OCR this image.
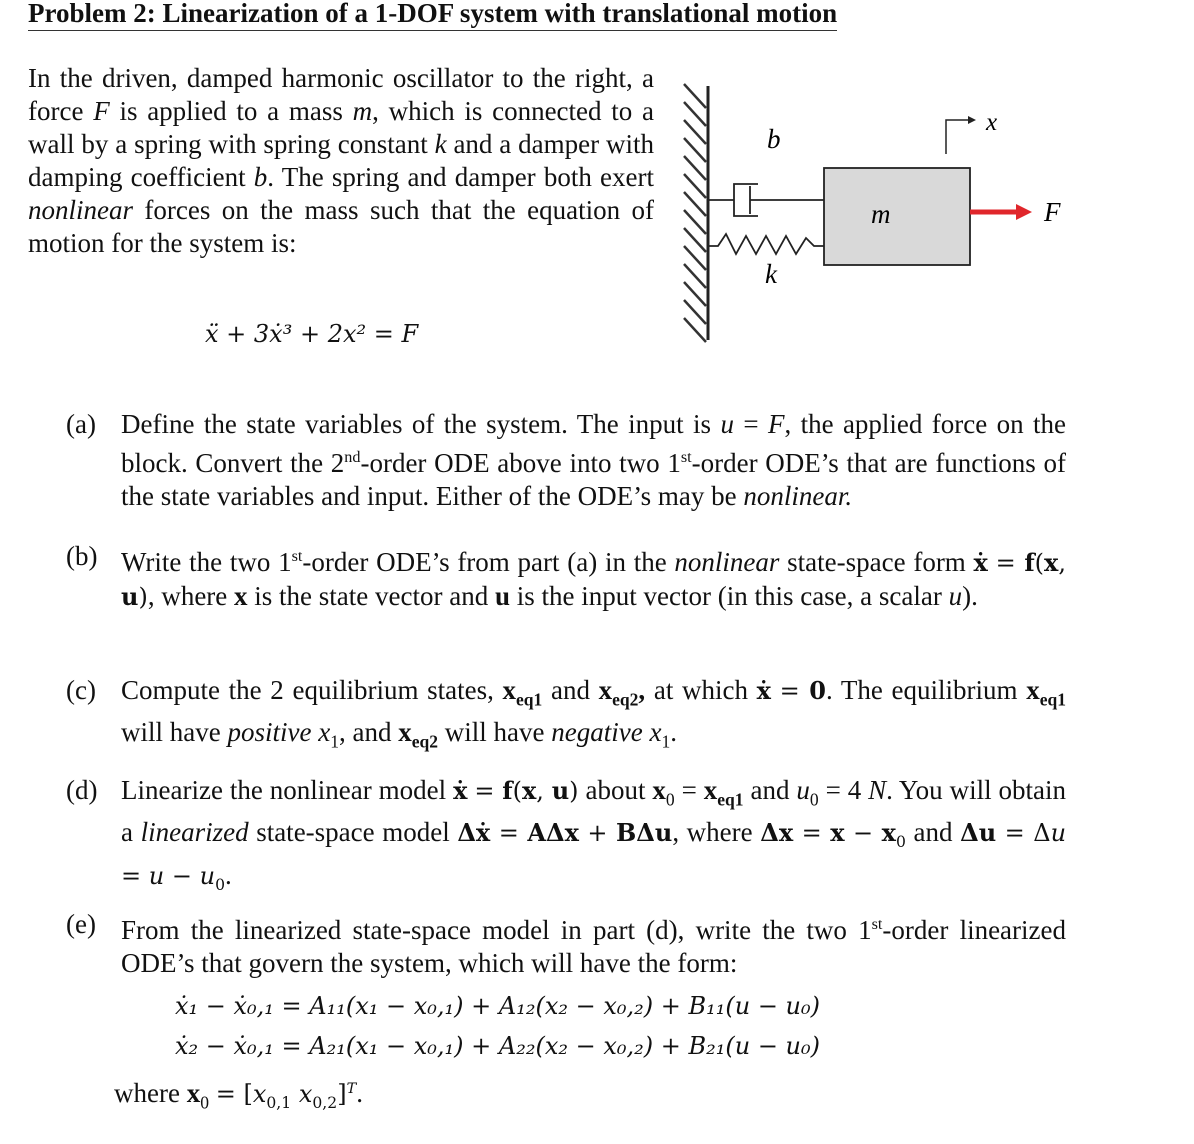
Problem 2: Linearization of a 1-DOF system with translational motion
In the driven, damped harmonic oscillator to the right, a force F is applied to a mass m, which is connected to a wall by a spring with spring constant k and a damper with damping coefficient b. The spring and damper both exert nonlinear forces on the mass such that the equation of motion for the system is:
ẍ + 3ẋ³ + 2x² = F
b
k
m	F
x
(a) Define the state variables of the system. The input is u = F, the applied force on the block. Convert the 2nd-order ODE above into two 1st-order ODE’s that are functions of the state variables and input. Either of the ODE’s may be nonlinear.
(b) Write the two 1st-order ODE’s from part (a) in the nonlinear state-space form ẋ = f(x, u), where x is the state vector and u is the input vector (in this case, a scalar u).
(c) Compute the 2 equilibrium states, $x_{eq1}$ and $x_{eq2}$, at which ẋ = 0. The equilibrium $x_{eq1}$ will have positive $x_1$, and $x_{eq2}$ will have negative $x_1$.
(d) Linearize the nonlinear model ẋ = f(x, u) about $x_0 = x_{eq1}$ and $u_0 = 4$ N. You will obtain a linearized state-space model Δẋ = AΔx + BΔu, where $\Delta x = x - x_0$ and $\Delta u = \Delta u = u - u_0$.
(e) From the linearized state-space model in part (d), write the two 1st-order linearized ODE’s that govern the system, which will have the form:
ẋ₁ − ẋ₀,₁ = A₁₁(x₁ − x₀,₁) + A₁₂(x₂ − x₀,₂) + B₁₁(u − u₀)
ẋ₂ − ẋ₀,₁ = A₂₁(x₁ − x₀,₁) + A₂₂(x₂ − x₀,₂) + B₂₁(u − u₀)
where $x_0 = [x_{0,1}$ $x_{0,2}]^T$.
